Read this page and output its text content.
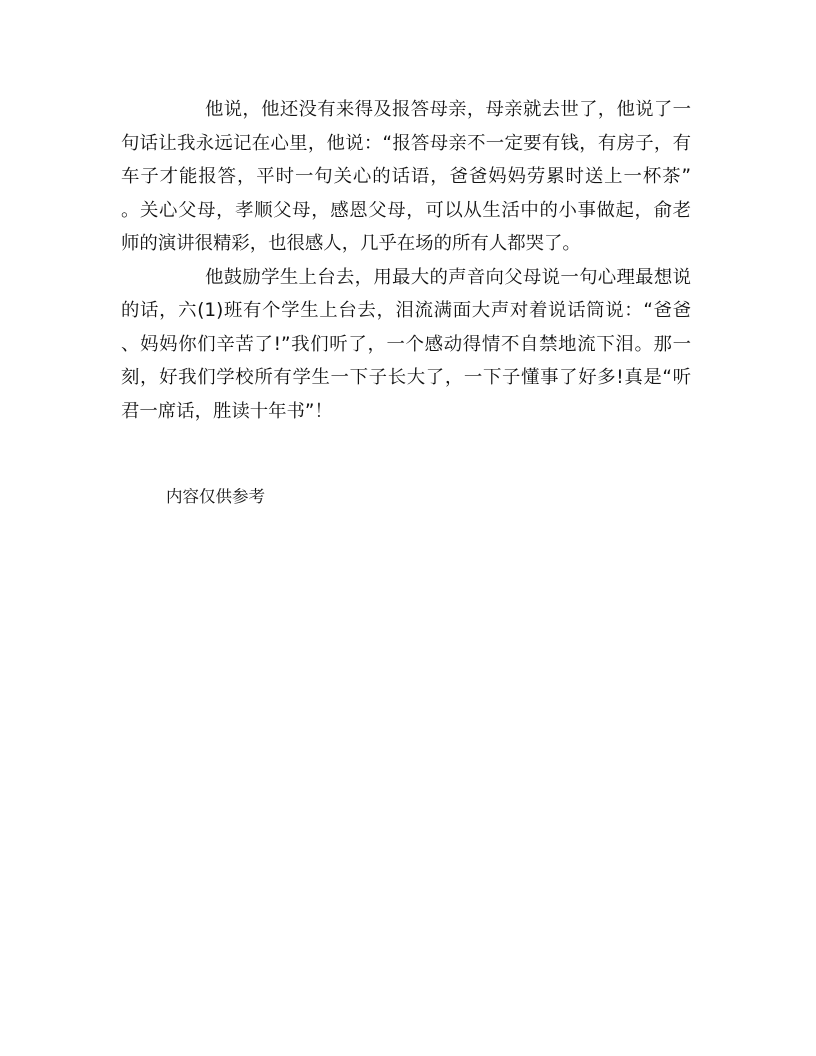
他说，他还没有来得及报答母亲，母亲就去世了，他说了一
句话让我永远记在心里，他说：“报答母亲不一定要有钱，有房子，有
车子才能报答，平时一句关心的话语，爸爸妈妈劳累时送上一杯茶”
。关心父母，孝顺父母，感恩父母，可以从生活中的小事做起，俞老
师的演讲很精彩，也很感人，几乎在场的所有人都哭了。
他鼓励学生上台去，用最大的声音向父母说一句心理最想说
的话，六(1)班有个学生上台去，泪流满面大声对着说话筒说：“爸爸
、妈妈你们辛苦了!”我们听了，一个感动得情不自禁地流下泪。那一
刻，好我们学校所有学生一下子长大了，一下子懂事了好多!真是“听
君一席话，胜读十年书”！
内容仅供参考
